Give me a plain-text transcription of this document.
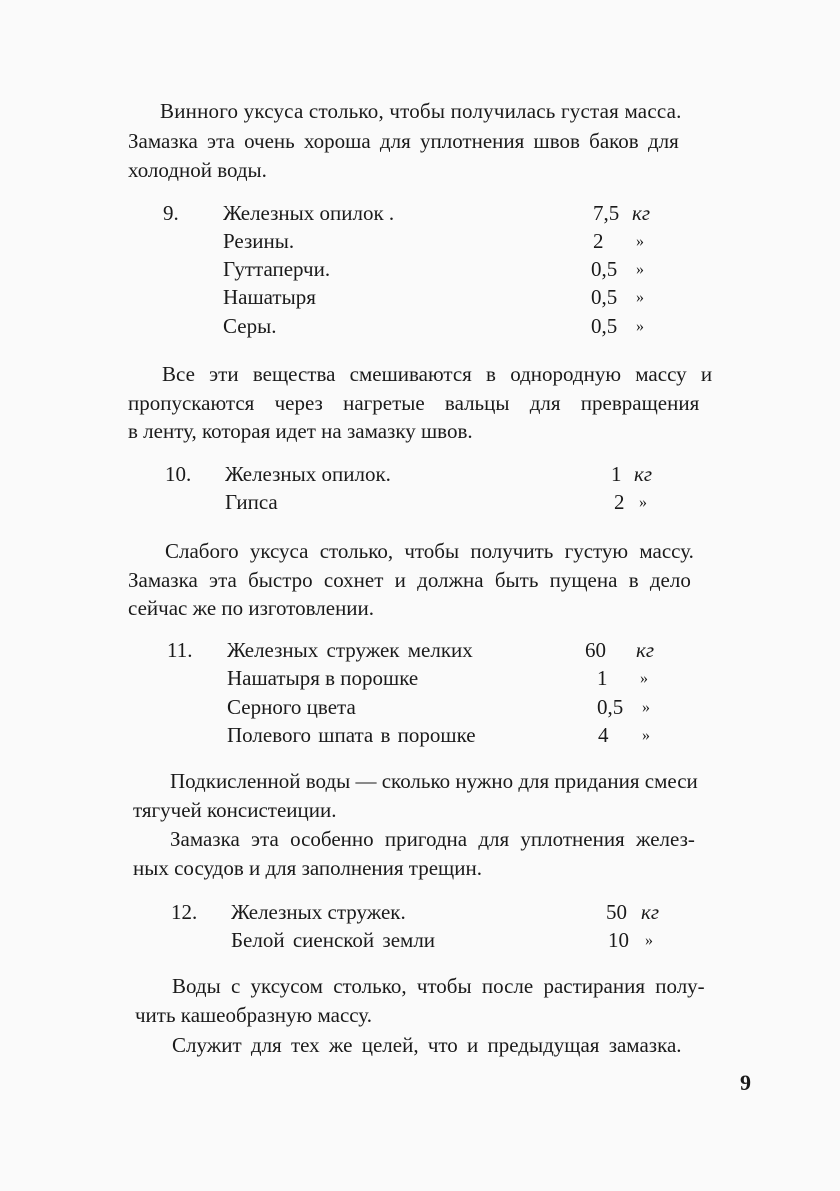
Винного уксуса столько, чтобы получилась густая масса.
Замазка эта очень хороша для уплотнения швов баков для
холодной воды.
9. Железных опилок .	7,5 кг
Резины.	2 »
Гуттаперчи.	0,5 »
Нашатыря	0,5 »
Серы.	0,5 »
Все эти вещества смешиваются в однородную массу и
пропускаются через нагретые вальцы для превращения
в ленту, которая идет на замазку швов.
10. Железных опилок.	1 кг
Гипса	2 »
Слабого уксуса столько, чтобы получить густую массу.
Замазка эта быстро сохнет и должна быть пущена в дело
сейчас же по изготовлении.
11. Железных стружек мелких	60 кг
Нашатыря в порошке	1 »
Серного цвета	0,5 »
Полевого шпата в порошке	4 »
Подкисленной воды — сколько нужно для придания смеси
тягучей консистеиции.
Замазка эта особенно пригодна для уплотнения желез-
ных сосудов и для заполнения трещин.
12. Железных стружек.	50 кг
Белой сиенской земли	10 »
Воды с уксусом столько, чтобы после растирания полу-
чить кашеобразную массу.
Служит для тех же целей, что и предыдущая замазка.
9
